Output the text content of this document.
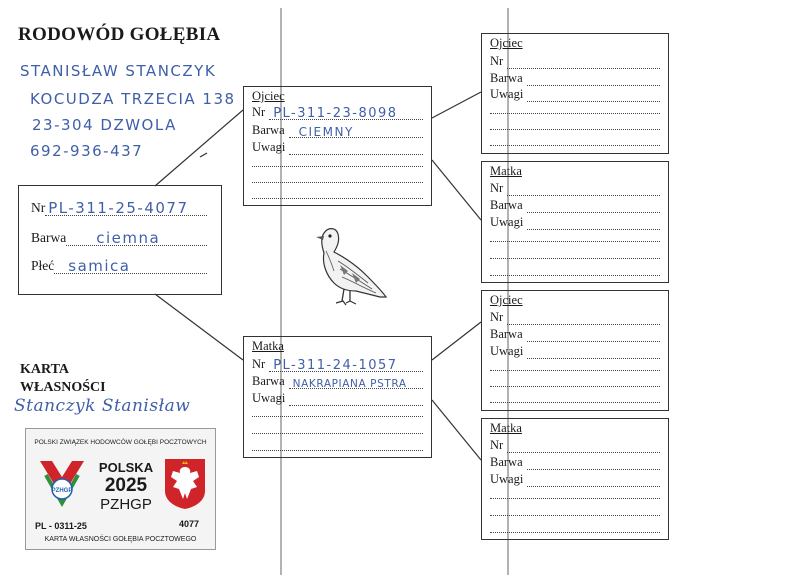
RODOWÓD GOŁĘBIA
STANISŁAW STANCZYK
KOCUDZA TRZECIA 138
23-304 DZWOLA
692-936-437
Nr PL-311-25-4077
Barwa ciemna
Płeć samica
Ojciec
Nr PL-311-23-8098
Barwa CIEMNY
Uwagi
Matka
Nr PL-311-24-1057
Barwa NAKRAPIANA PSTRA
Uwagi
Ojciec
Nr
Barwa
Uwagi
Matka
Nr
Barwa
Uwagi
Ojciec
Nr
Barwa
Uwagi
Matka
Nr
Barwa
Uwagi
KARTA
WŁASNOŚCI
Stanczyk Stanisław
POLSKI ZWIĄZEK HODOWCÓW GOŁĘBI POCZTOWYCH
PZHGP
POLSKA
2025
PZHGP
PL - 0311-25	4077
KARTA WŁASNOŚCI GOŁĘBIA POCZTOWEGO
